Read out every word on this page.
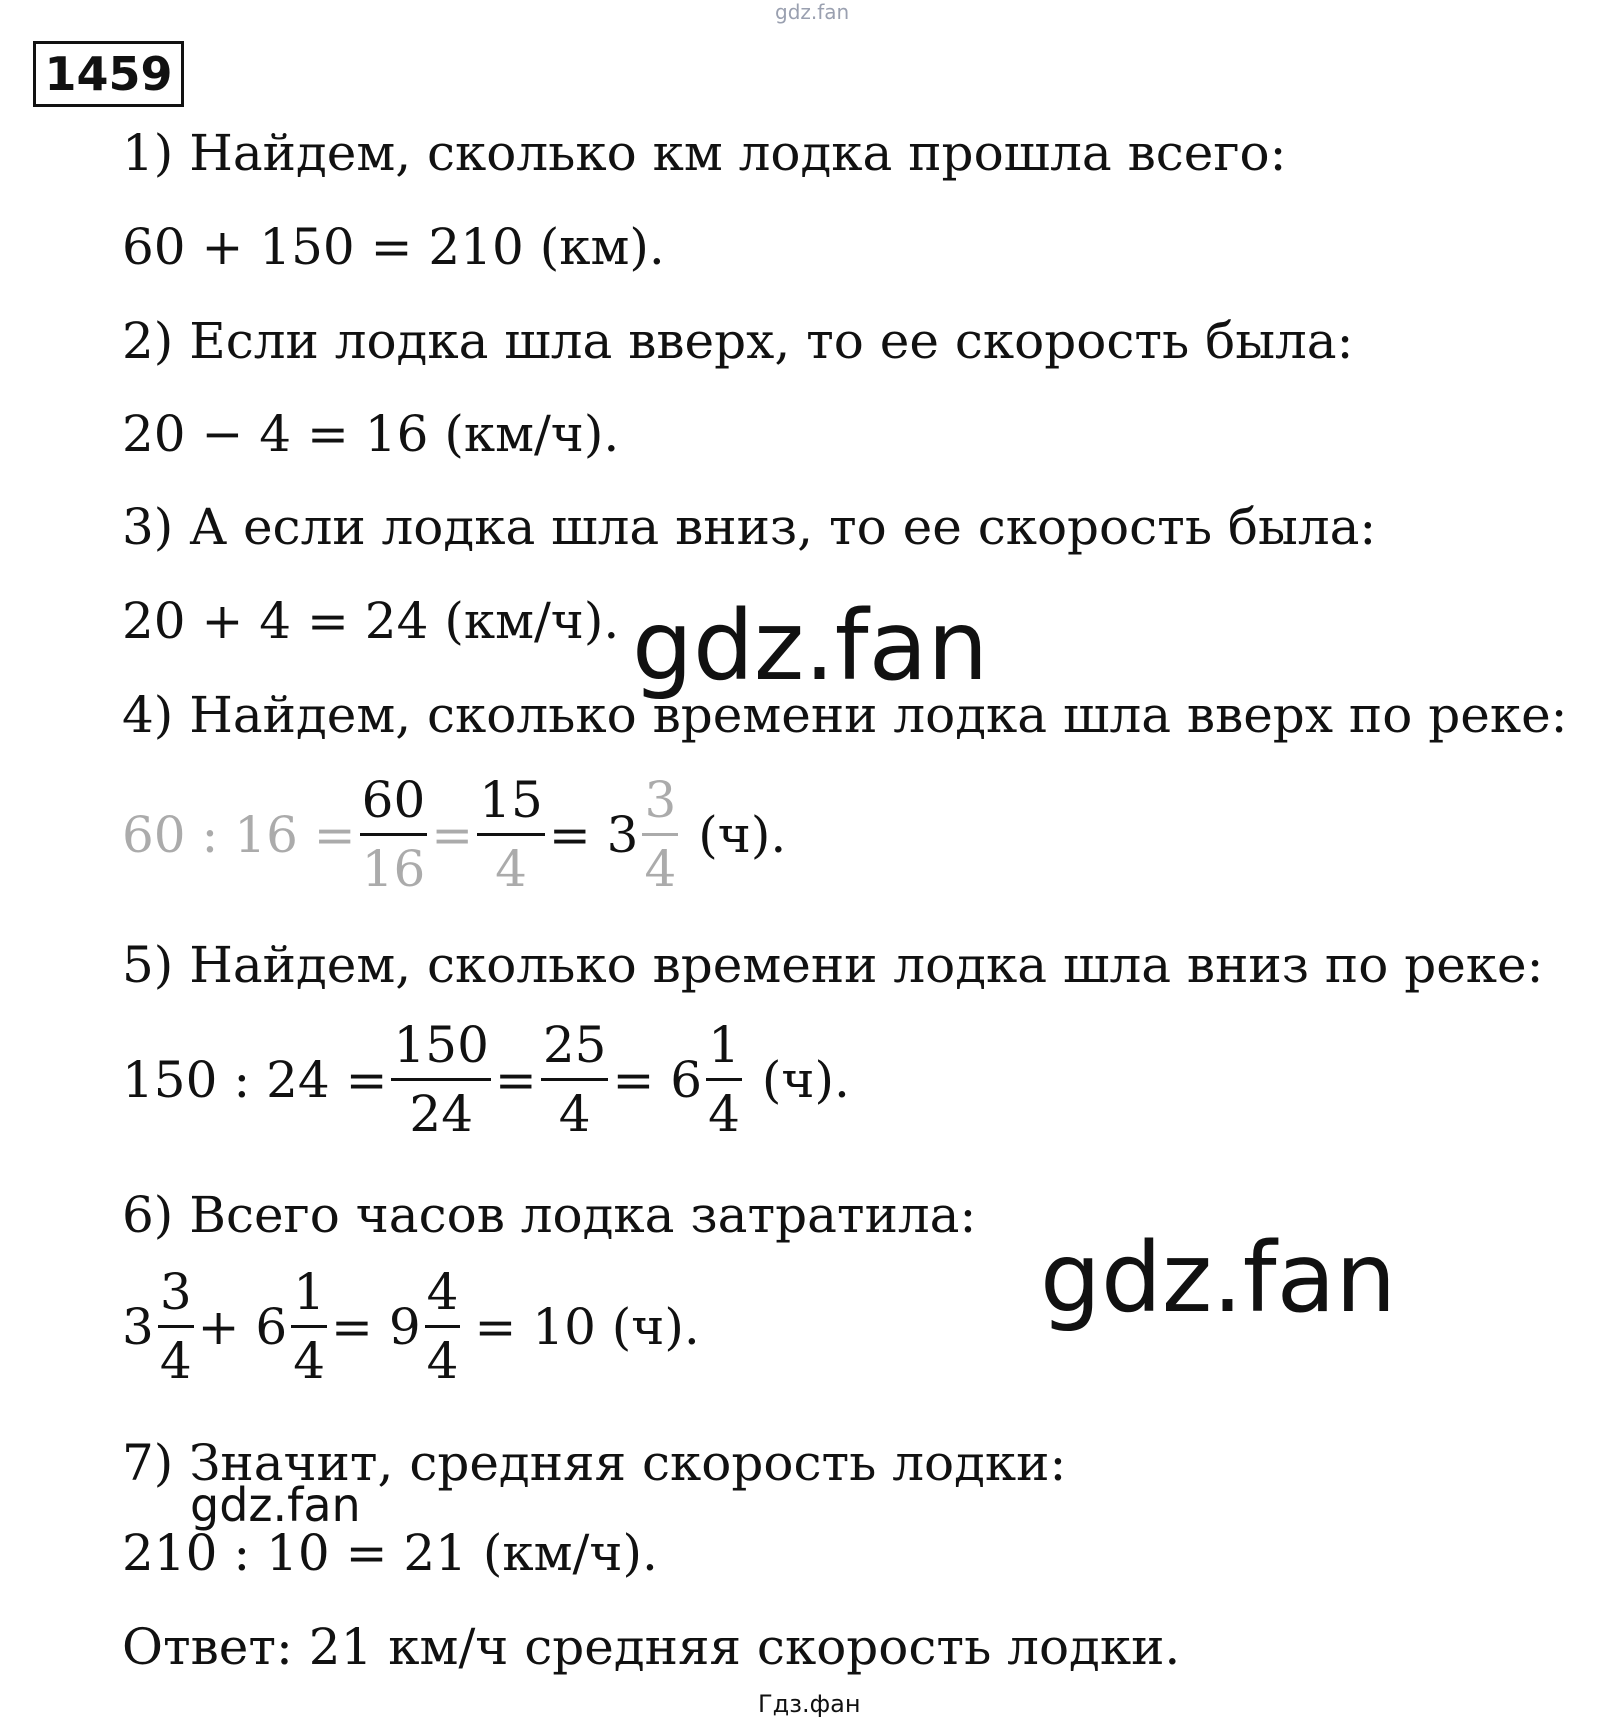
gdz.fan
1459
1) Найдем, сколько км лодка прошла всего:
60 + 150 = 210 (км).
2) Если лодка шла вверх, то ее скорость была:
20 − 4 = 16 (км/ч).
3) А если лодка шла вниз, то ее скорость была:
20 + 4 = 24 (км/ч). gdz.fan
4) Найдем, сколько времени лодка шла вверх по реке:
60 : $16 = \frac{60}{16} = \frac{15}{4} = 3 \frac{3}{4} (ч)$.
5) Найдем, сколько времени лодка шла вниз по реке:
150 : $24 = \frac{150}{24} = \frac{25}{4} = 6 \frac{1}{4} (ч)$.
6) Всего часов лодка затратила:
gdz.fan
$3 \frac{3}{4} + 6 \frac{1}{4} = 9 \frac{4}{4} = 10$ (ч).
7) Значит, средняя скорость лодки:
gdz.fan
210 : 10 = 21 (км/ч).
Ответ: 21 км/ч средняя скорость лодки.
Гдз.фан
